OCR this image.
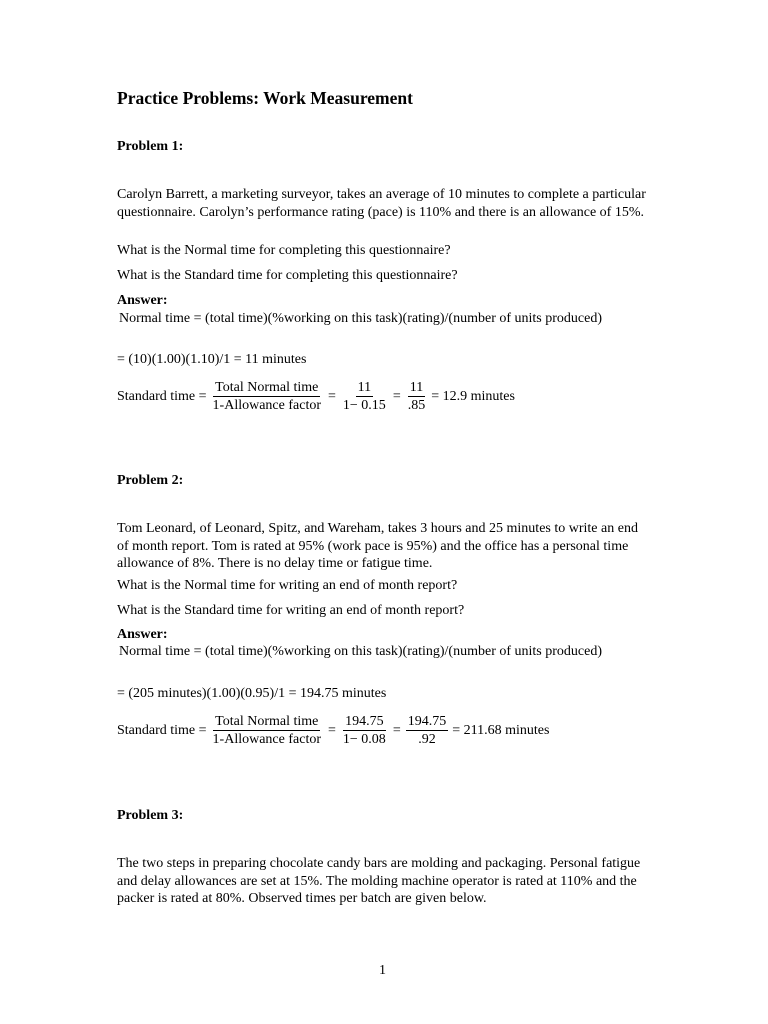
Practice Problems: Work Measurement
Problem 1:
Carolyn Barrett, a marketing surveyor, takes an average of 10 minutes to complete a particular questionnaire. Carolyn’s performance rating (pace) is 110% and there is an allowance of 15%.
What is the Normal time for completing this questionnaire?
What is the Standard time for completing this questionnaire?
Answer:
Normal time = (total time)(%working on this task)(rating)/(number of units produced)
= (10)(1.00)(1.10)/1 = 11 minutes
Standard time = $\frac{\text{Total Normal time}}{\text{1-Allowance factor}} = \frac{11}{1- 0.15} = \frac{11}{.85} = 12.9$ minutes
Problem 2:
Tom Leonard, of Leonard, Spitz, and Wareham, takes 3 hours and 25 minutes to write an end of month report. Tom is rated at 95% (work pace is 95%) and the office has a personal time allowance of 8%. There is no delay time or fatigue time.
What is the Normal time for writing an end of month report?
What is the Standard time for writing an end of month report?
Answer:
Normal time = (total time)(%working on this task)(rating)/(number of units produced)
= (205 minutes)(1.00)(0.95)/1 = 194.75 minutes
Standard time = $\frac{\text{Total Normal time}}{\text{1-Allowance factor}} = \frac{194.75}{1- 0.08} = \frac{194.75}{.92} = 211.68$ minutes
Problem 3:
The two steps in preparing chocolate candy bars are molding and packaging. Personal fatigue and delay allowances are set at 15%. The molding machine operator is rated at 110% and the packer is rated at 80%. Observed times per batch are given below.
1
